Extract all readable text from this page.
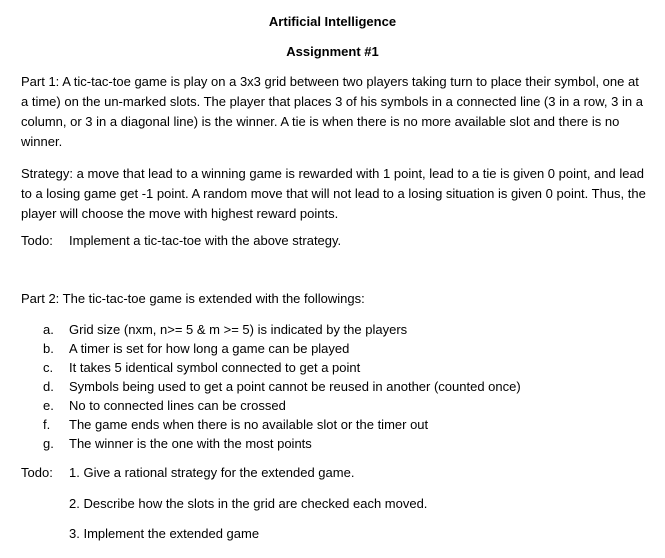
Artificial Intelligence
Assignment #1
Part 1: A tic-tac-toe game is play on a 3x3 grid between two players taking turn to place their symbol, one at a time) on the un-marked slots. The player that places 3 of his symbols in a connected line (3 in a row, 3 in a column, or 3 in a diagonal line) is the winner. A tie is when there is no more available slot and there is no winner.
Strategy: a move that lead to a winning game is rewarded with 1 point, lead to a tie is given 0 point, and lead to a losing game get -1 point. A random move that will not lead to a losing situation is given 0 point. Thus, the player will choose the move with highest reward points.
Todo: Implement a tic-tac-toe with the above strategy.
Part 2: The tic-tac-toe game is extended with the followings:
a. Grid size (nxm, n>= 5 & m >= 5) is indicated by the players
b. A timer is set for how long a game can be played
c. It takes 5 identical symbol connected to get a point
d. Symbols being used to get a point cannot be reused in another (counted once)
e. No to connected lines can be crossed
f. The game ends when there is no available slot or the timer out
g. The winner is the one with the most points
Todo: 1. Give a rational strategy for the extended game.
2. Describe how the slots in the grid are checked each moved.
3. Implement the extended game
